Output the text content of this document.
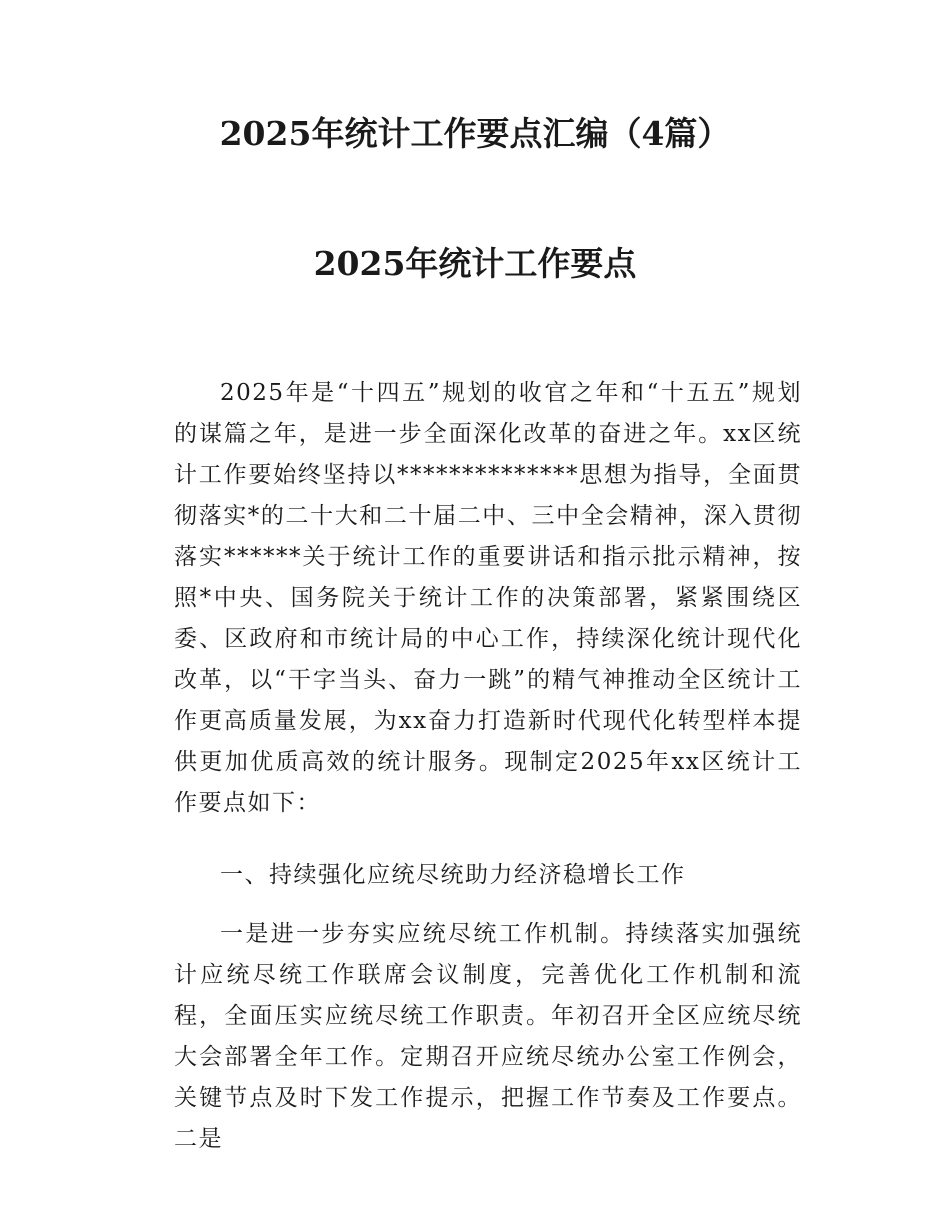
2025年统计工作要点汇编（4篇）
2025年统计工作要点

2025年是“十四五”规划的收官之年和“十五五”规划的谋篇之年，是进一步全面深化改革的奋进之年。xx区统计工作要始终坚持以**************思想为指导，全面贯彻落实*的二十大和二十届二中、三中全会精神，深入贯彻落实******关于统计工作的重要讲话和指示批示精神，按照*中央、国务院关于统计工作的决策部署，紧紧围绕区委、区政府和市统计局的中心工作，持续深化统计现代化改革，以“干字当头、奋力一跳”的精气神推动全区统计工作更高质量发展，为xx奋力打造新时代现代化转型样本提供更加优质高效的统计服务。现制定2025年xx区统计工作要点如下：

一、持续强化应统尽统助力经济稳增长工作

一是进一步夯实应统尽统工作机制。持续落实加强统计应统尽统工作联席会议制度，完善优化工作机制和流程，全面压实应统尽统工作职责。年初召开全区应统尽统大会部署全年工作。定期召开应统尽统办公室工作例会，关键节点及时下发工作提示，把握工作节奏及工作要点。二是
